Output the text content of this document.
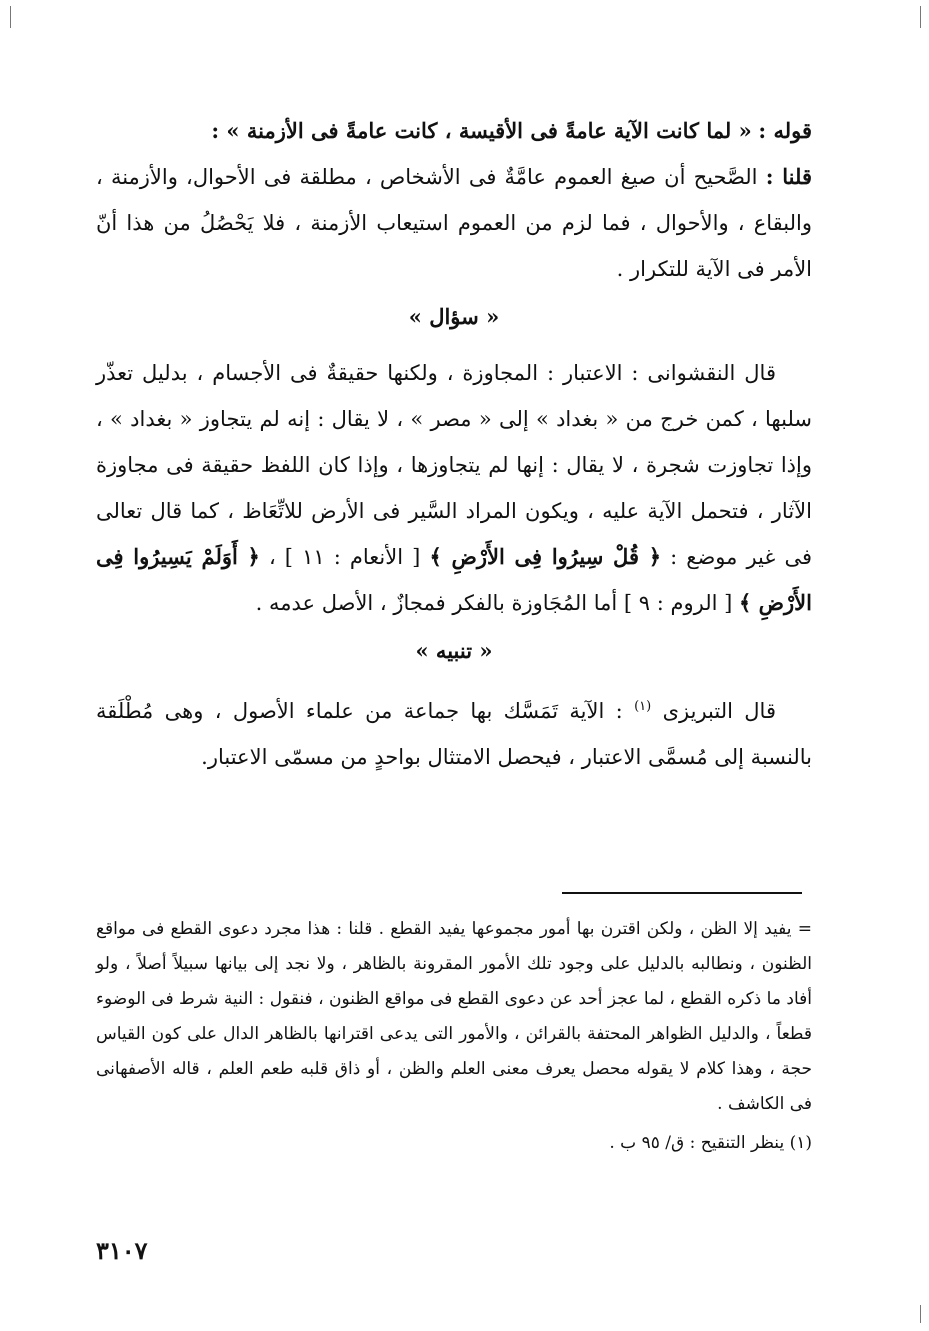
قوله : « لما كانت الآية عامةً فى الأقيسة ، كانت عامةً فى الأزمنة » :

قلنا : الصَّحيح أن صيغ العموم عامَّةٌ فى الأشخاص ، مطلقة فى الأحوال، والأزمنة ، والبقاع ، والأحوال ، فما لزم من العموم استيعاب الأزمنة ، فلا يَحْصُلُ من هذا أنّ الأمر فى الآية للتكرار .

« سؤال »

قال النقشوانى : الاعتبار : المجاوزة ، ولكنها حقيقةٌ فى الأجسام ، بدليل تعذّر سلبها ، كمن خرج من « بغداد » إلى « مصر » ، لا يقال : إنه لم يتجاوز « بغداد » ، وإذا تجاوزت شجرة ، لا يقال : إنها لم يتجاوزها ، وإذا كان اللفظ حقيقة فى مجاوزة الآثار ، فتحمل الآية عليه ، ويكون المراد السَّير فى الأرض للاتِّعَاظ ، كما قال تعالى فى غير موضع : ﴿ قُلْ سِيرُوا فِى الأَرْضِ ﴾ [ الأنعام : ١١ ] ، ﴿ أَوَلَمْ يَسِيرُوا فِى الأَرْضِ ﴾ [ الروم : ٩ ] أما المُجَاوزة بالفكر فمجازٌ ، الأصل عدمه .

« تنبيه »

قال التبريزى $^{(١)}$ : الآية تَمَسَّك بها جماعة من علماء الأصول ، وهى مُطْلَقة بالنسبة إلى مُسمَّى الاعتبار ، فيحصل الامتثال بواحدٍ من مسمّى الاعتبار.

= يفيد إلا الظن ، ولكن اقترن بها أمور مجموعها يفيد القطع . قلنا : هذا مجرد دعوى القطع فى مواقع الظنون ، ونطالبه بالدليل على وجود تلك الأمور المقرونة بالظاهر ، ولا نجد إلى بيانها سبيلاً أصلاً ، ولو أفاد ما ذكره القطع ، لما عجز أحد عن دعوى القطع فى مواقع الظنون ، فنقول : النية شرط فى الوضوء قطعاً ، والدليل الظواهر المحتفة بالقرائن ، والأمور التى يدعى اقترانها بالظاهر الدال على كون القياس حجة ، وهذا كلام لا يقوله محصل يعرف معنى العلم والظن ، أو ذاق قلبه طعم العلم ، قاله الأصفهانى فى الكاشف .

(١) ينظر التنقيح : ق/ ٩٥ ب .

٣١٠٧
